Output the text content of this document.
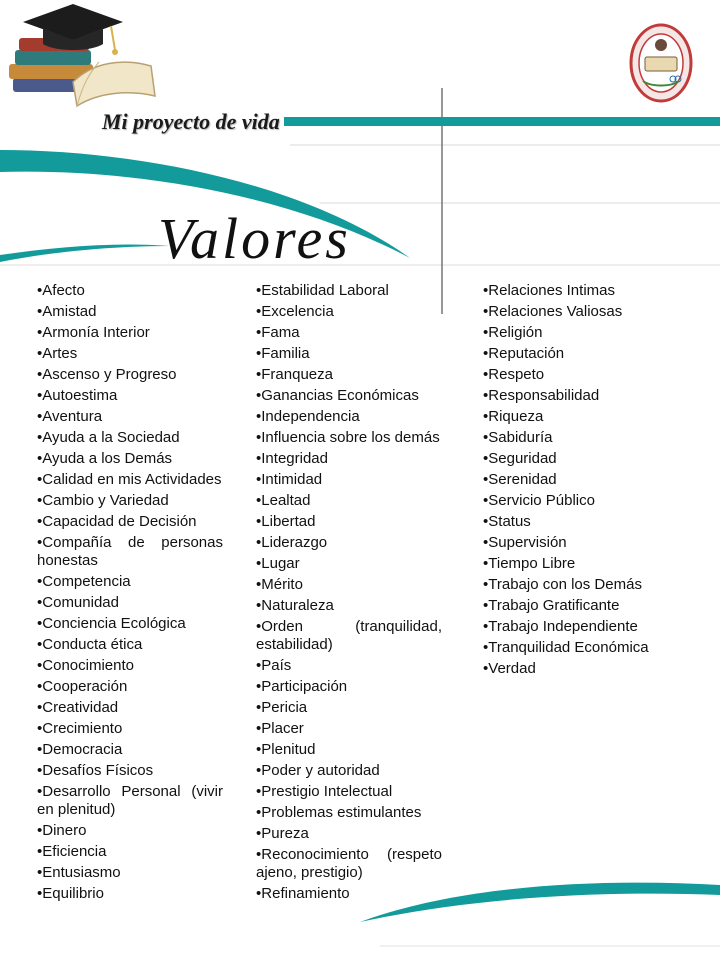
Mi proyecto de vida
Valores
• Afecto
• Amistad
• Armonía Interior
• Artes
• Ascenso y Progreso
• Autoestima
• Aventura
• Ayuda a la Sociedad
• Ayuda a los Demás
• Calidad en mis Actividades
• Cambio y Variedad
• Capacidad de Decisión
• Compañía de personas honestas
• Competencia
• Comunidad
• Conciencia Ecológica
• Conducta ética
• Conocimiento
• Cooperación
• Creatividad
• Crecimiento
• Democracia
• Desafíos Físicos
• Desarrollo Personal (vivir en plenitud)
• Dinero
• Eficiencia
• Entusiasmo
• Equilibrio
• Estabilidad Laboral
• Excelencia
• Fama
• Familia
• Franqueza
• Ganancias Económicas
• Independencia
• Influencia sobre los demás
• Integridad
• Intimidad
• Lealtad
• Libertad
• Liderazgo
• Lugar
• Mérito
• Naturaleza
• Orden (tranquilidad, estabilidad)
• País
• Participación
• Pericia
• Placer
• Plenitud
• Poder y autoridad
• Prestigio Intelectual
• Problemas estimulantes
• Pureza
• Reconocimiento (respeto ajeno, prestigio)
• Refinamiento
• Relaciones Intimas
• Relaciones Valiosas
• Religión
• Reputación
• Respeto
• Responsabilidad
• Riqueza
• Sabiduría
• Seguridad
• Serenidad
• Servicio Público
• Status
• Supervisión
• Tiempo Libre
• Trabajo con los Demás
• Trabajo Gratificante
• Trabajo Independiente
• Tranquilidad Económica
• Verdad
